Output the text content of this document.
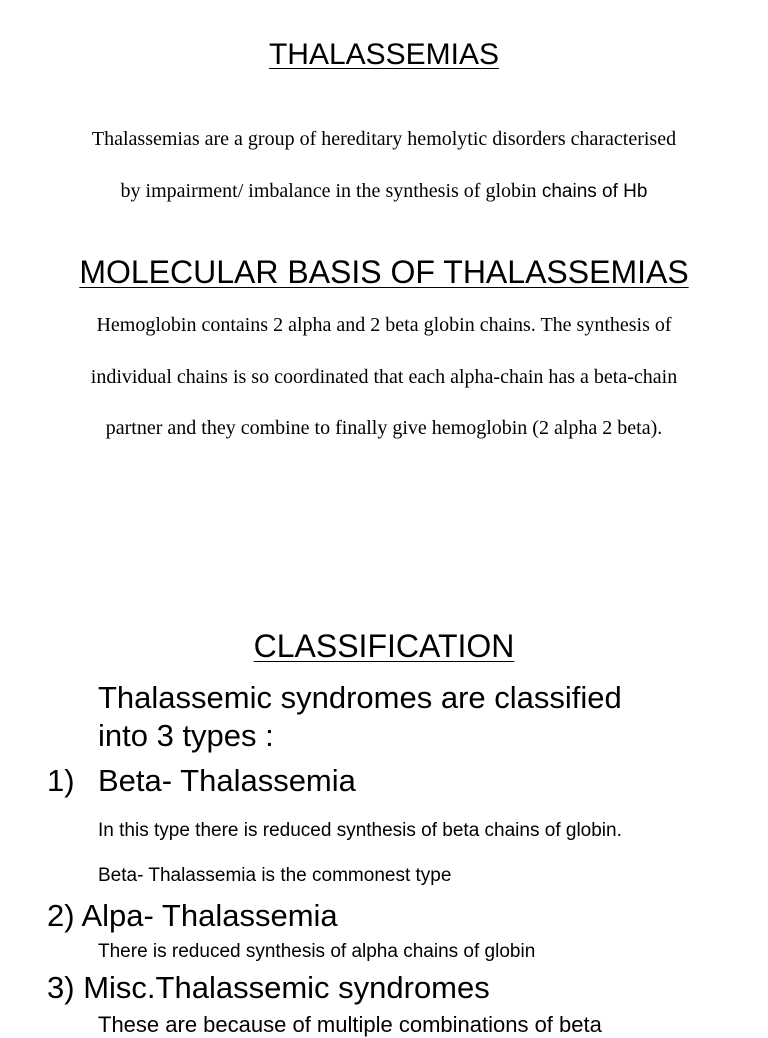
THALASSEMIAS
Thalassemias are a group of hereditary hemolytic disorders characterised
by impairment/ imbalance in the synthesis of globin chains of Hb
MOLECULAR BASIS OF THALASSEMIAS
Hemoglobin contains 2 alpha and 2 beta globin chains. The synthesis of
individual chains is so coordinated that each alpha-chain has a beta-chain
partner and they combine to finally give hemoglobin (2 alpha 2 beta).
CLASSIFICATION
Thalassemic syndromes are classified
into 3 types :
1) Beta- Thalassemia
In this type there is reduced synthesis of beta chains of globin.
Beta- Thalassemia is the commonest type
2) Alpa- Thalassemia
There is reduced synthesis of alpha chains of globin
3) Misc.Thalassemic syndromes
These are because of multiple combinations of beta
